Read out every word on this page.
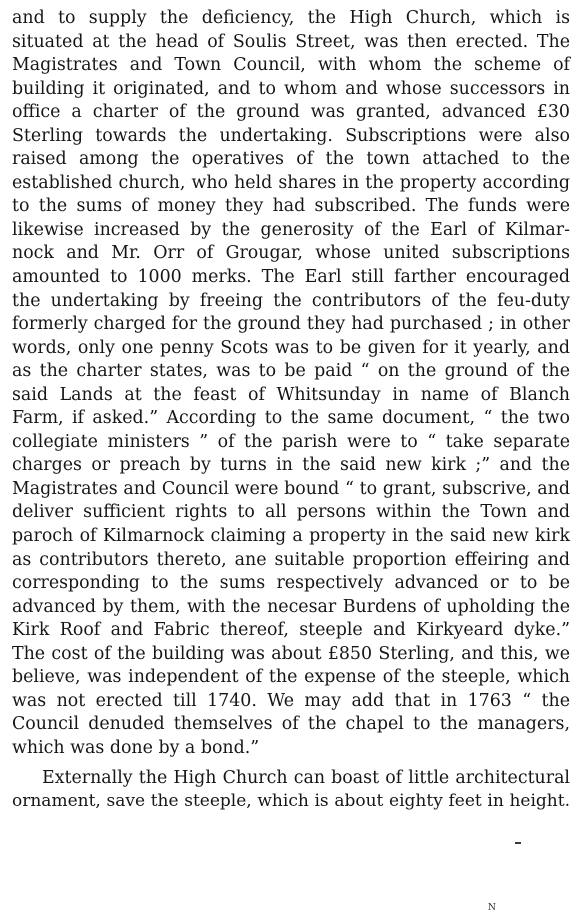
and to supply the deficiency, the High Church, which is
situated at the head of Soulis Street, was then erected. The
Magistrates and Town Council, with whom the scheme of
building it originated, and to whom and whose successors in
office a charter of the ground was granted, advanced £30
Sterling towards the undertaking. Subscriptions were also
raised among the operatives of the town attached to the
established church, who held shares in the property according
to the sums of money they had subscribed. The funds were
likewise increased by the generosity of the Earl of Kilmar-
nock and Mr. Orr of Grougar, whose united subscriptions
amounted to 1000 merks. The Earl still farther encouraged
the undertaking by freeing the contributors of the feu-duty
formerly charged for the ground they had purchased ; in other
words, only one penny Scots was to be given for it yearly, and
as the charter states, was to be paid “ on the ground of the
said Lands at the feast of Whitsunday in name of Blanch
Farm, if asked.” According to the same document, “ the two
collegiate ministers ” of the parish were to “ take separate
charges or preach by turns in the said new kirk ;” and the
Magistrates and Council were bound “ to grant, subscrive, and
deliver sufficient rights to all persons within the Town and
paroch of Kilmarnock claiming a property in the said new kirk
as contributors thereto, ane suitable proportion effeiring and
corresponding to the sums respectively advanced or to be
advanced by them, with the necesar Burdens of upholding the
Kirk Roof and Fabric thereof, steeple and Kirkyeard dyke.”
The cost of the building was about £850 Sterling, and this, we
believe, was independent of the expense of the steeple, which
was not erected till 1740. We may add that in 1763 “ the
Council denuded themselves of the chapel to the managers,
which was done by a bond.”
Externally the High Church can boast of little architectural
ornament, save the steeple, which is about eighty feet in height.
N
